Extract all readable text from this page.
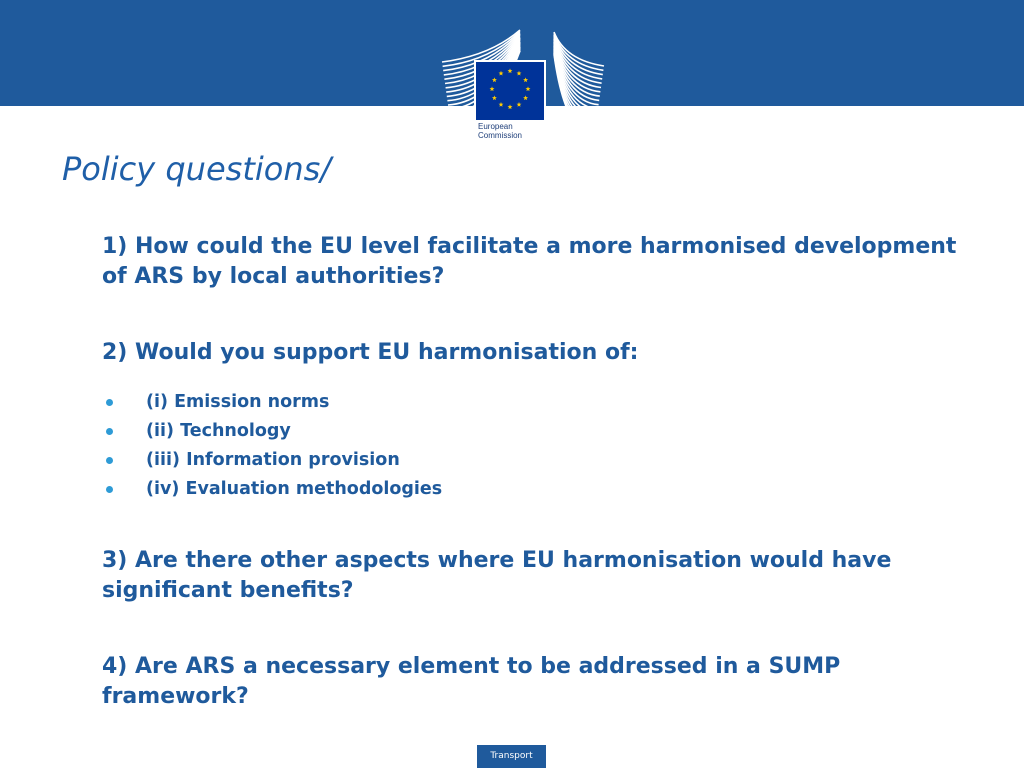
European
Commission
Policy questions/

1) How could the EU level facilitate a more harmonised development of ARS by local authorities?

2) Would you support EU harmonisation of:

(i) Emission norms
(ii) Technology
(iii) Information provision
(iv) Evaluation methodologies

3) Are there other aspects where EU harmonisation would have significant benefits?

4) Are ARS a necessary element to be addressed in a SUMP framework?

Transport
